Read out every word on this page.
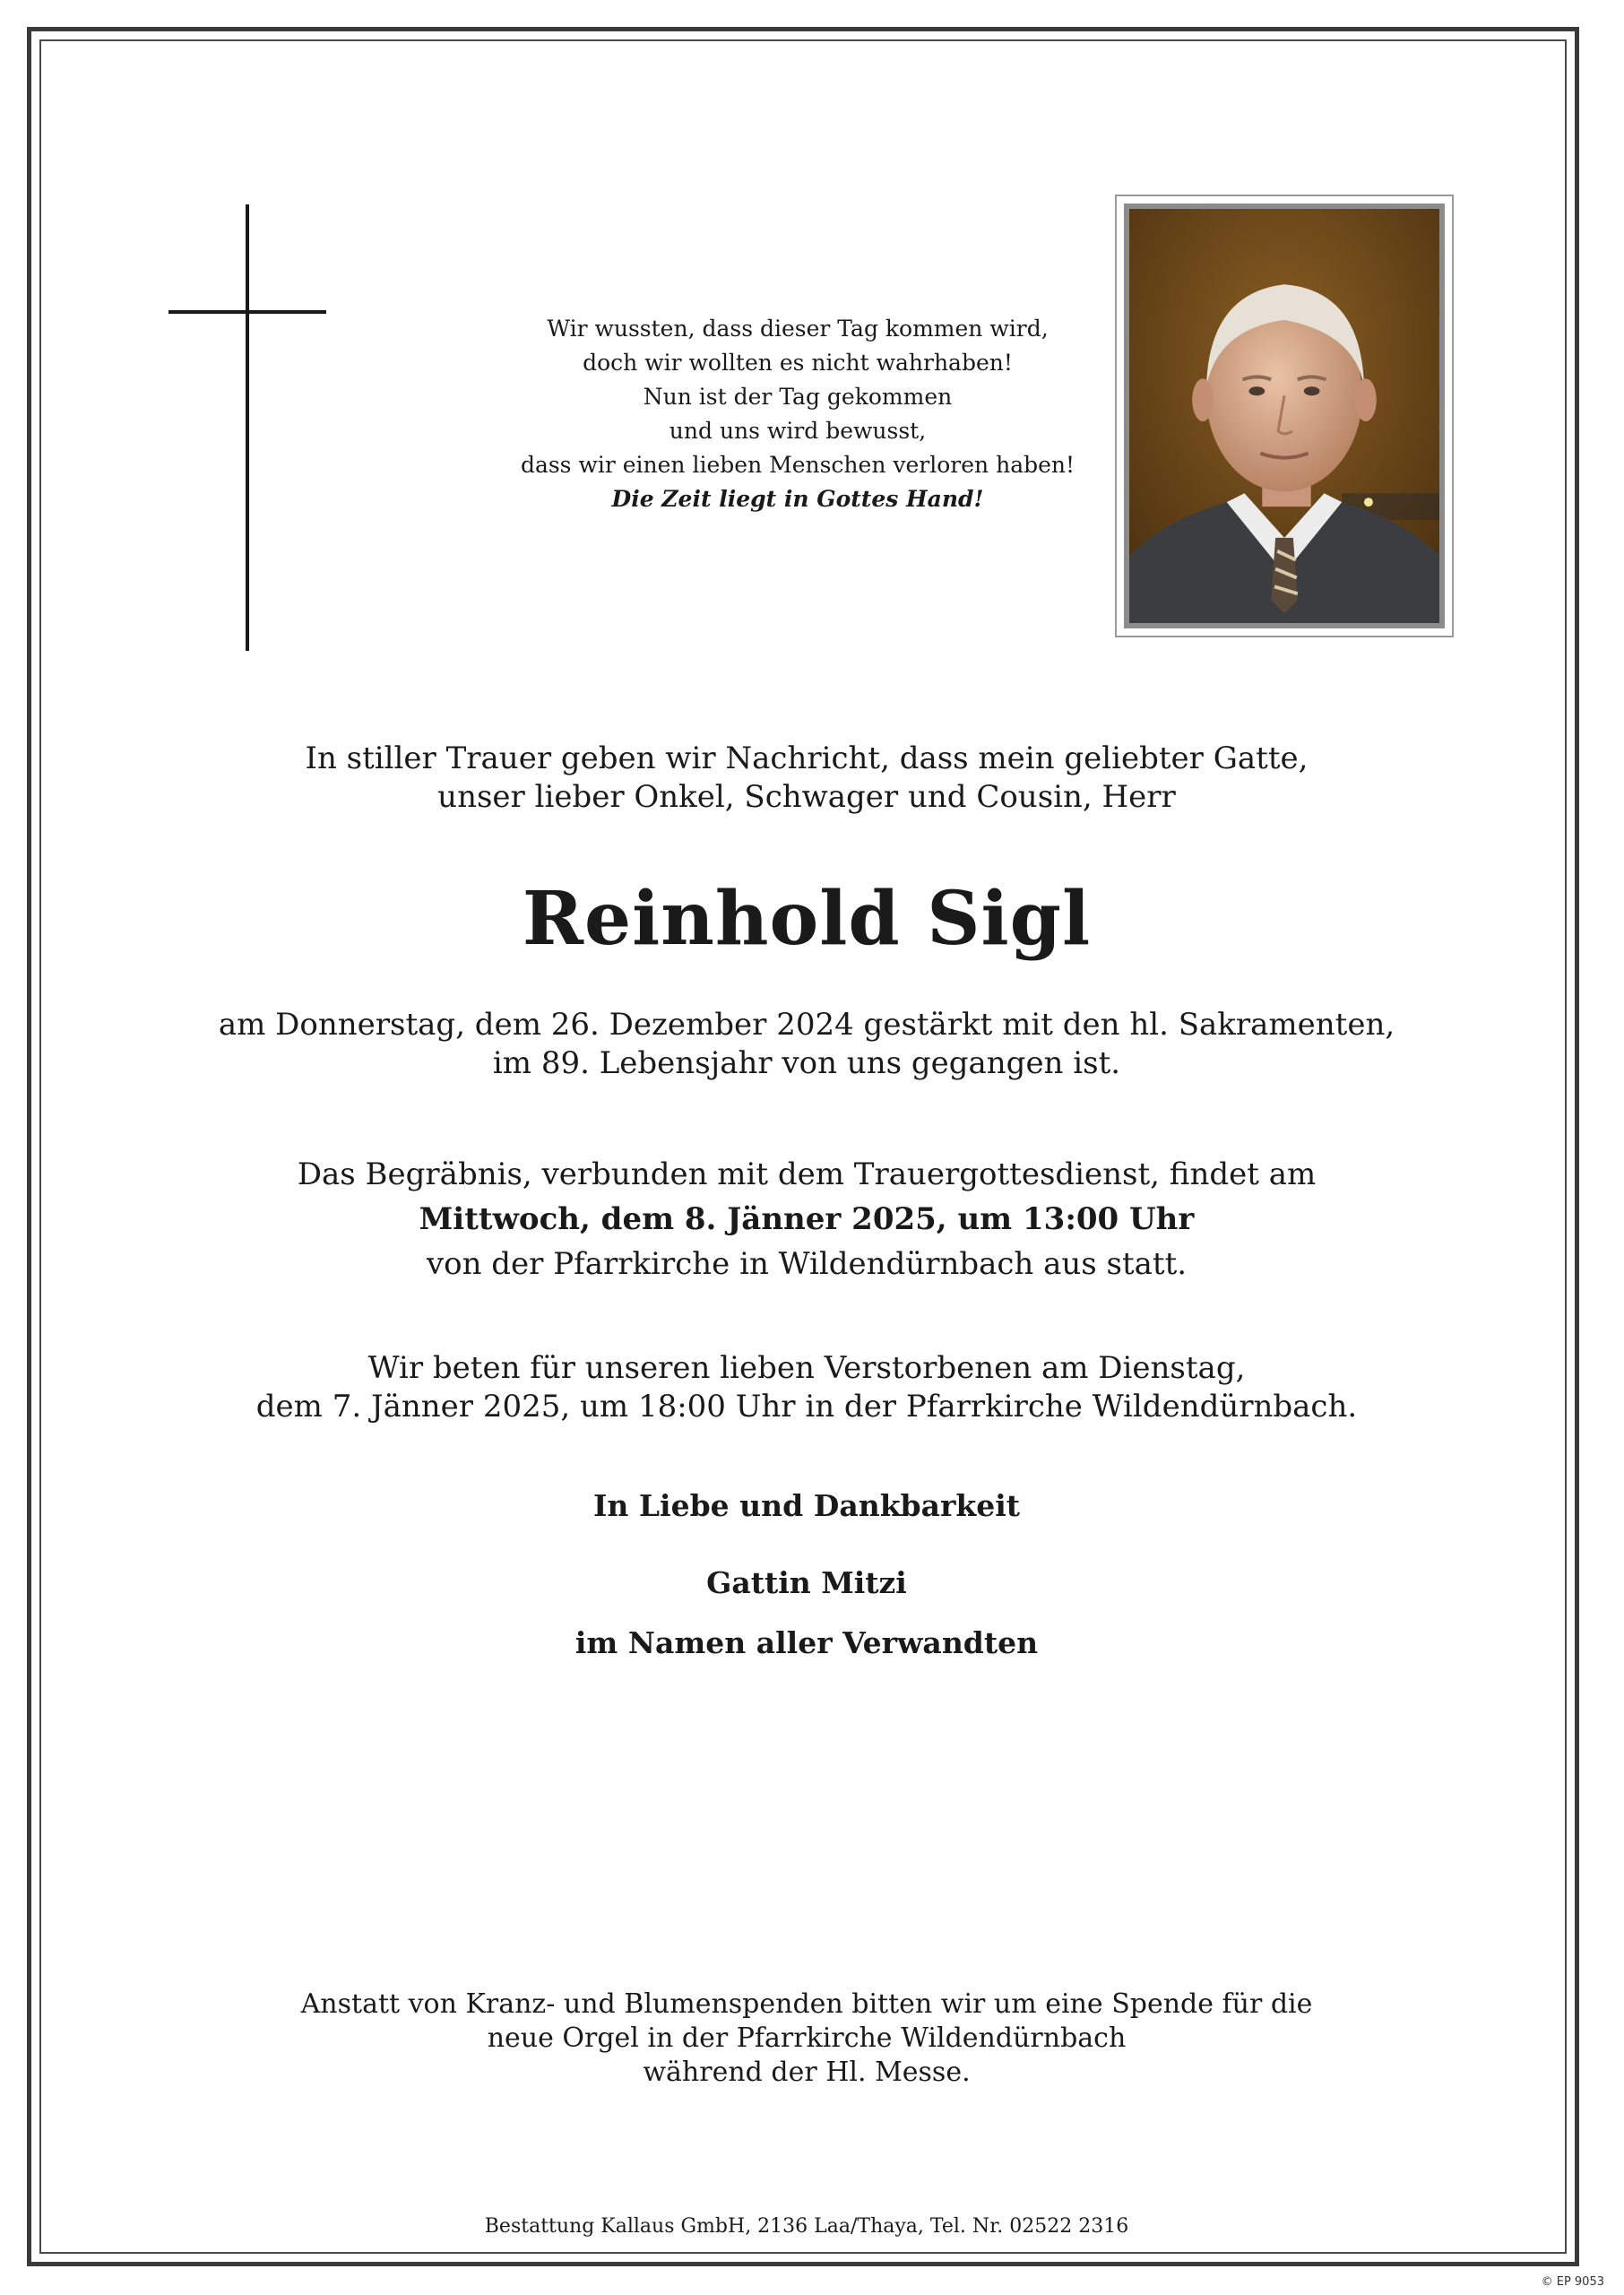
Wir wussten, dass dieser Tag kommen wird,
doch wir wollten es nicht wahrhaben!
Nun ist der Tag gekommen
und uns wird bewusst,
dass wir einen lieben Menschen verloren haben!
Die Zeit liegt in Gottes Hand!
In stiller Trauer geben wir Nachricht, dass mein geliebter Gatte,
unser lieber Onkel, Schwager und Cousin, Herr
Reinhold Sigl
am Donnerstag, dem 26. Dezember 2024 gestärkt mit den hl. Sakramenten,
im 89. Lebensjahr von uns gegangen ist.
Das Begräbnis, verbunden mit dem Trauergottesdienst, findet am
Mittwoch, dem 8. Jänner 2025, um 13:00 Uhr
von der Pfarrkirche in Wildendürnbach aus statt.
Wir beten für unseren lieben Verstorbenen am Dienstag,
dem 7. Jänner 2025, um 18:00 Uhr in der Pfarrkirche Wildendürnbach.
In Liebe und Dankbarkeit
Gattin Mitzi
im Namen aller Verwandten
Anstatt von Kranz- und Blumenspenden bitten wir um eine Spende für die
neue Orgel in der Pfarrkirche Wildendürnbach
während der Hl. Messe.
Bestattung Kallaus GmbH, 2136 Laa/Thaya, Tel. Nr. 02522 2316
© EP 9053
